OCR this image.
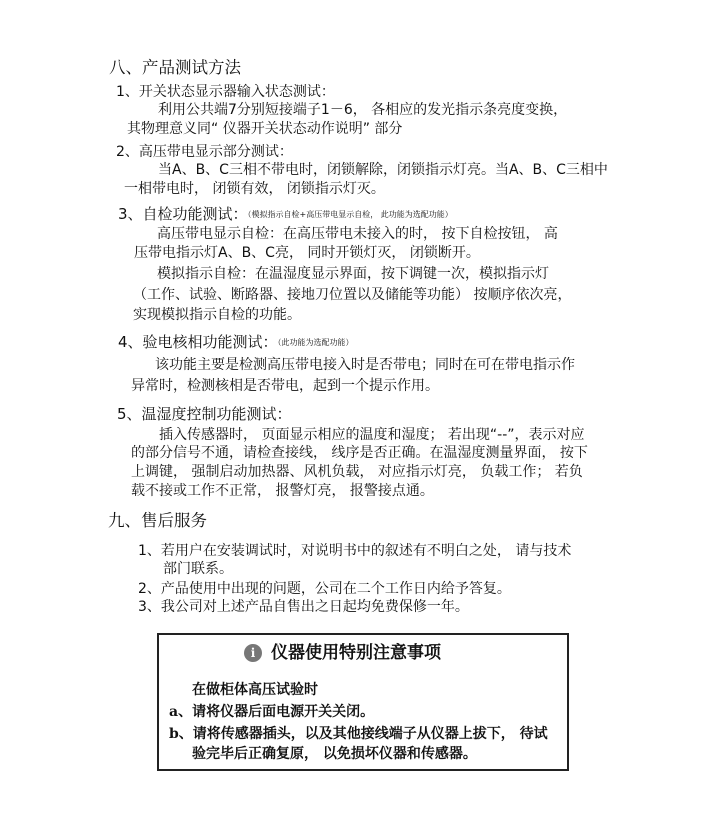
八、产品测试方法
1、开关状态显示器输入状态测试：
利用公共端7分别短接端子1－6， 各相应的发光指示条亮度变换，
其物理意义同“ 仪器开关状态动作说明” 部分
2、高压带电显示部分测试：
当A、B、C三相不带电时，闭锁解除，闭锁指示灯亮。当A、B、C三相中
一相带电时， 闭锁有效， 闭锁指示灯灭。
3、自检功能测试：（模拟指示自检+高压带电显示自检， 此功能为选配功能）
高压带电显示自检：在高压带电未接入的时， 按下自检按钮， 高
压带电指示灯A、B、C亮， 同时开锁灯灭， 闭锁断开。
模拟指示自检：在温湿度显示界面，按下调键一次，模拟指示灯
（工作、试验、断路器、接地刀位置以及储能等功能） 按顺序依次亮，
实现模拟指示自检的功能。
4、验电核相功能测试：（此功能为选配功能）
该功能主要是检测高压带电接入时是否带电；同时在可在带电指示作
异常时，检测核相是否带电，起到一个提示作用。
5、温湿度控制功能测试：
插入传感器时， 页面显示相应的温度和湿度； 若出现“--”，表示对应
的部分信号不通，请检查接线， 线序是否正确。在温湿度测量界面， 按下
上调键， 强制启动加热器、风机负载， 对应指示灯亮， 负载工作； 若负
载不接或工作不正常， 报警灯亮， 报警接点通。
九、售后服务
1、若用户在安装调试时，对说明书中的叙述有不明白之处， 请与技术
部门联系。
2、产品使用中出现的问题，公司在二个工作日内给予答复。
3、我公司对上述产品自售出之日起均免费保修一年。
i 仪器使用特别注意事项
在做柜体高压试验时
a、请将仪器后面电源开关关闭。
b、请将传感器插头，以及其他接线端子从仪器上拔下， 待试
验完毕后正确复原， 以免损坏仪器和传感器。
